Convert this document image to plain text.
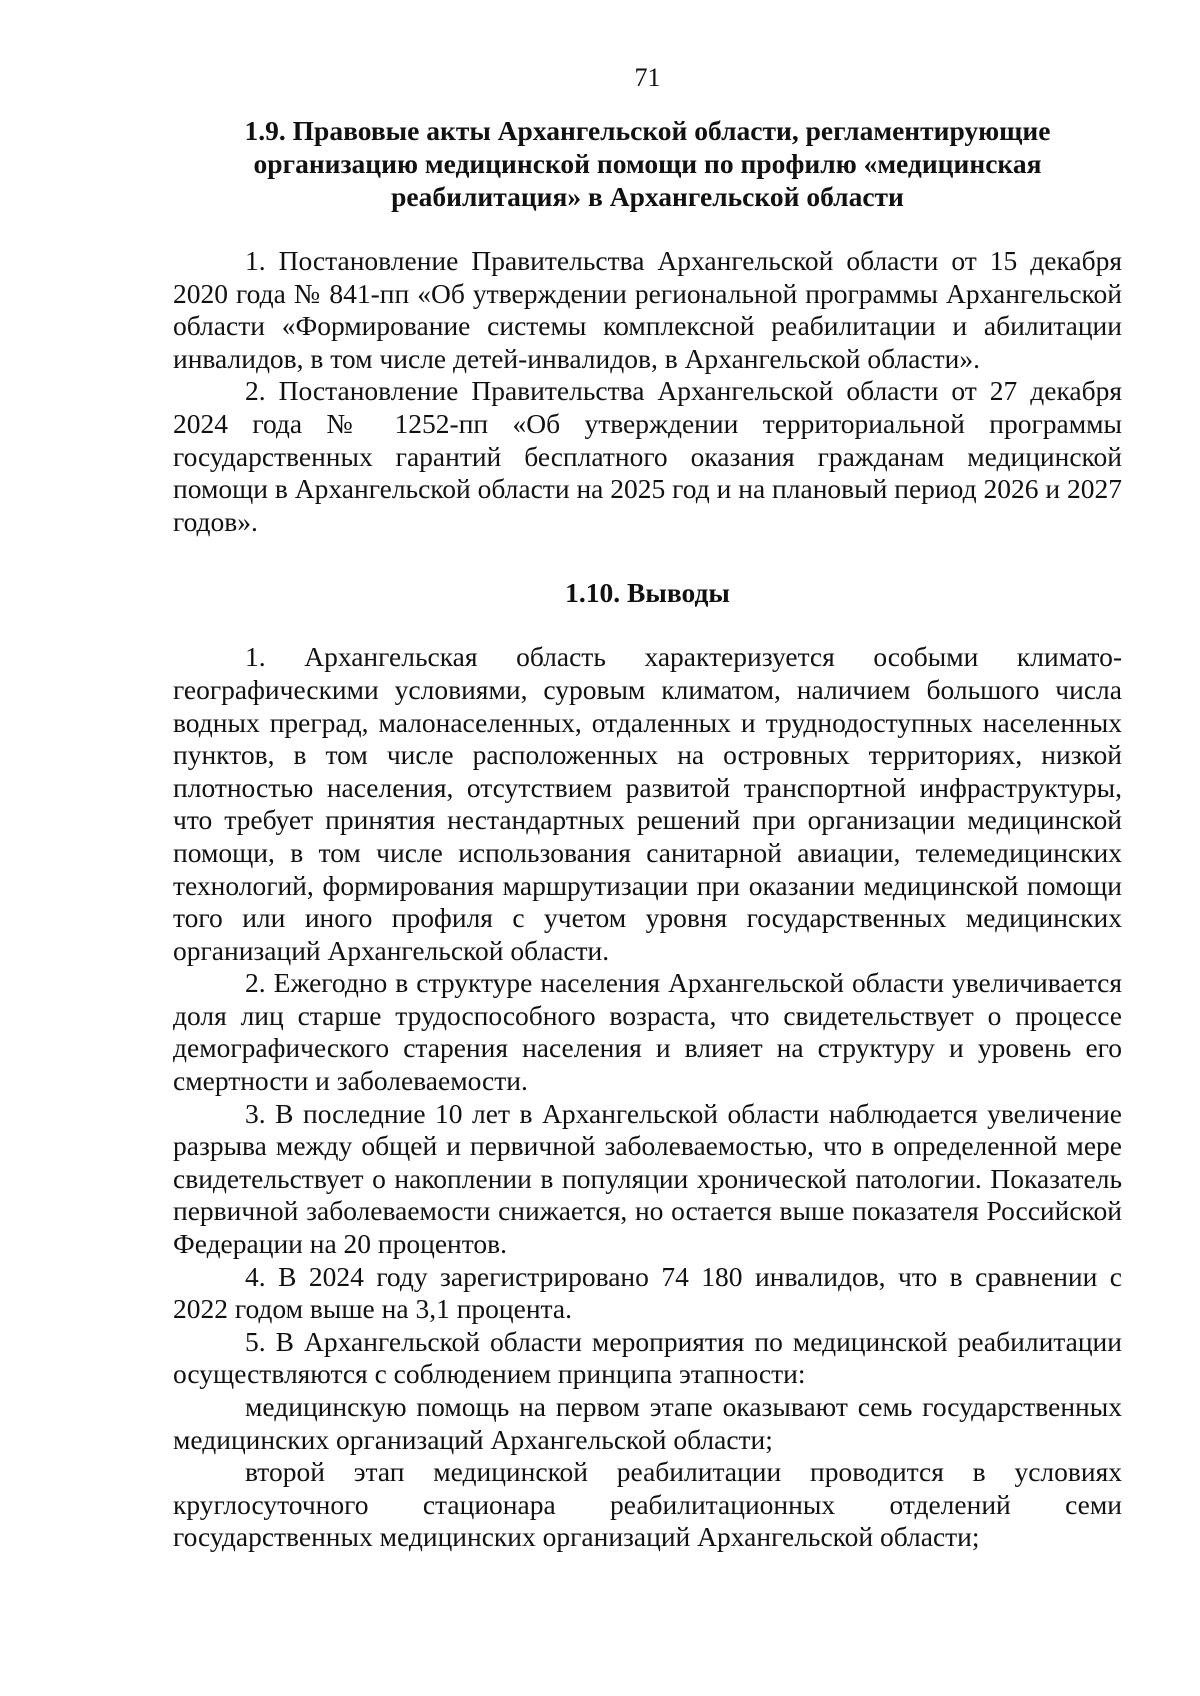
71
1.9. Правовые акты Архангельской области, регламентирующие организацию медицинской помощи по профилю «медицинская реабилитация» в Архангельской области

1. Постановление Правительства Архангельской области от 15 декабря 2020 года № 841-пп «Об утверждении региональной программы Архангельской области «Формирование системы комплексной реабилитации и абилитации инвалидов, в том числе детей-инвалидов, в Архангельской области».

2. Постановление Правительства Архангельской области от 27 декабря 2024 года № 1252-пп «Об утверждении территориальной программы государственных гарантий бесплатного оказания гражданам медицинской помощи в Архангельской области на 2025 год и на плановый период 2026 и 2027 годов».

1.10. Выводы

1. Архангельская область характеризуется особыми климато-географическими условиями, суровым климатом, наличием большого числа водных преград, малонаселенных, отдаленных и труднодоступных населенных пунктов, в том числе расположенных на островных территориях, низкой плотностью населения, отсутствием развитой транспортной инфраструктуры, что требует принятия нестандартных решений при организации медицинской помощи, в том числе использования санитарной авиации, телемедицинских технологий, формирования маршрутизации при оказании медицинской помощи того или иного профиля с учетом уровня государственных медицинских организаций Архангельской области.

2. Ежегодно в структуре населения Архангельской области увеличивается доля лиц старше трудоспособного возраста, что свидетельствует о процессе демографического старения населения и влияет на структуру и уровень его смертности и заболеваемости.

3. В последние 10 лет в Архангельской области наблюдается увеличение разрыва между общей и первичной заболеваемостью, что в определенной мере свидетельствует о накоплении в популяции хронической патологии. Показатель первичной заболеваемости снижается, но остается выше показателя Российской Федерации на 20 процентов.

4. В 2024 году зарегистрировано 74 180 инвалидов, что в сравнении с 2022 годом выше на 3,1 процента.

5. В Архангельской области мероприятия по медицинской реабилитации осуществляются с соблюдением принципа этапности:

медицинскую помощь на первом этапе оказывают семь государственных медицинских организаций Архангельской области;

второй этап медицинской реабилитации проводится в условиях круглосуточного стационара реабилитационных отделений семи государственных медицинских организаций Архангельской области;
